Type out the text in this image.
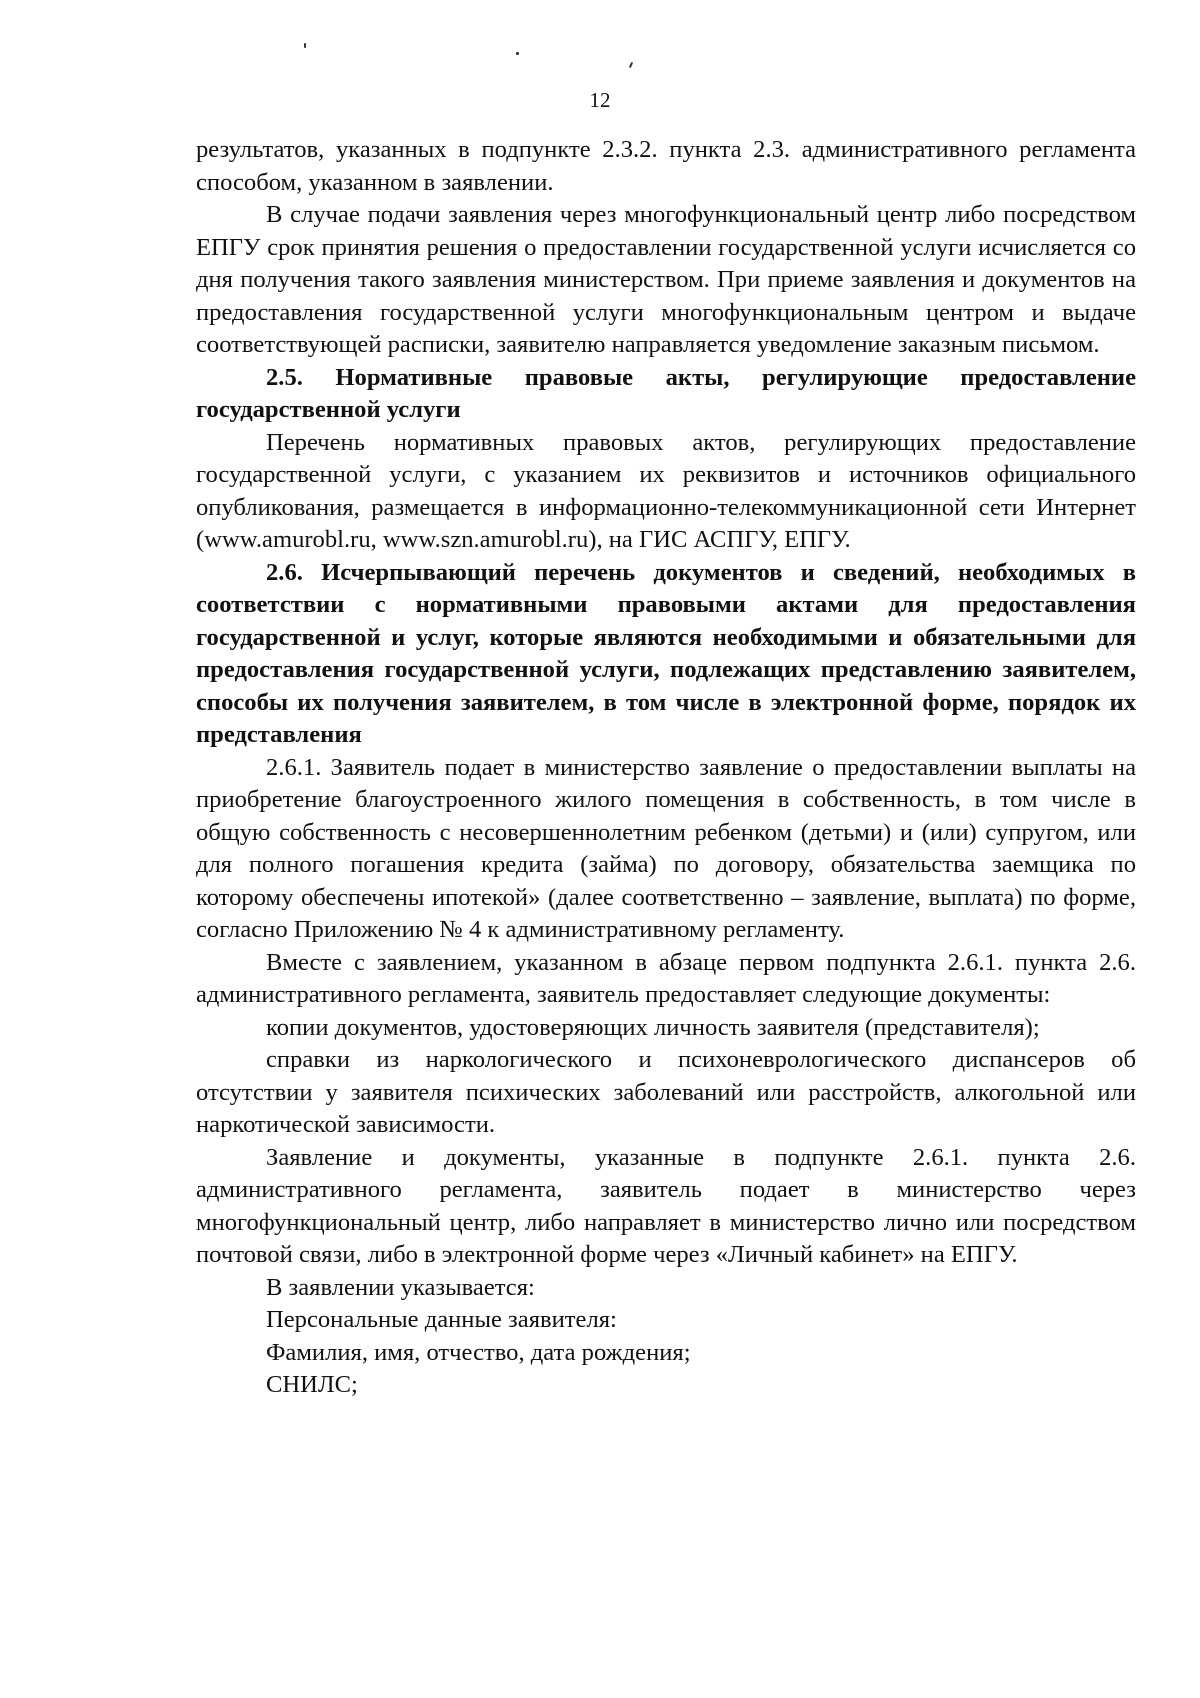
12

результатов, указанных в подпункте 2.3.2. пункта 2.3. административного регламента способом, указанном в заявлении.

В случае подачи заявления через многофункциональный центр либо посредством ЕПГУ срок принятия решения о предоставлении государственной услуги исчисляется со дня получения такого заявления министерством. При приеме заявления и документов на предоставления государственной услуги многофункциональным центром и выдаче соответствующей расписки, заявителю направляется уведомление заказным письмом.

2.5. Нормативные правовые акты, регулирующие предоставление государственной услуги

Перечень нормативных правовых актов, регулирующих предоставление государственной услуги, с указанием их реквизитов и источников официального опубликования, размещается в информационно-телекоммуникационной сети Интернет (www.amurobl.ru, www.szn.amurobl.ru), на ГИС АСПГУ, ЕПГУ.

2.6. Исчерпывающий перечень документов и сведений, необходимых в соответствии с нормативными правовыми актами для предоставления государственной и услуг, которые являются необходимыми и обязательными для предоставления государственной услуги, подлежащих представлению заявителем, способы их получения заявителем, в том числе в электронной форме, порядок их представления

2.6.1. Заявитель подает в министерство заявление о предоставлении выплаты на приобретение благоустроенного жилого помещения в собственность, в том числе в общую собственность с несовершеннолетним ребенком (детьми) и (или) супругом, или для полного погашения кредита (займа) по договору, обязательства заемщика по которому обеспечены ипотекой» (далее соответственно – заявление, выплата) по форме, согласно Приложению № 4 к административному регламенту.

Вместе с заявлением, указанном в абзаце первом подпункта 2.6.1. пункта 2.6. административного регламента, заявитель предоставляет следующие документы:

копии документов, удостоверяющих личность заявителя (представителя);

справки из наркологического и психоневрологического диспансеров об отсутствии у заявителя психических заболеваний или расстройств, алкогольной или наркотической зависимости.

Заявление и документы, указанные в подпункте 2.6.1. пункта 2.6. административного регламента, заявитель подает в министерство через многофункциональный центр, либо направляет в министерство лично или посредством почтовой связи, либо в электронной форме через «Личный кабинет» на ЕПГУ.

В заявлении указывается:

Персональные данные заявителя:

Фамилия, имя, отчество, дата рождения;

СНИЛС;
